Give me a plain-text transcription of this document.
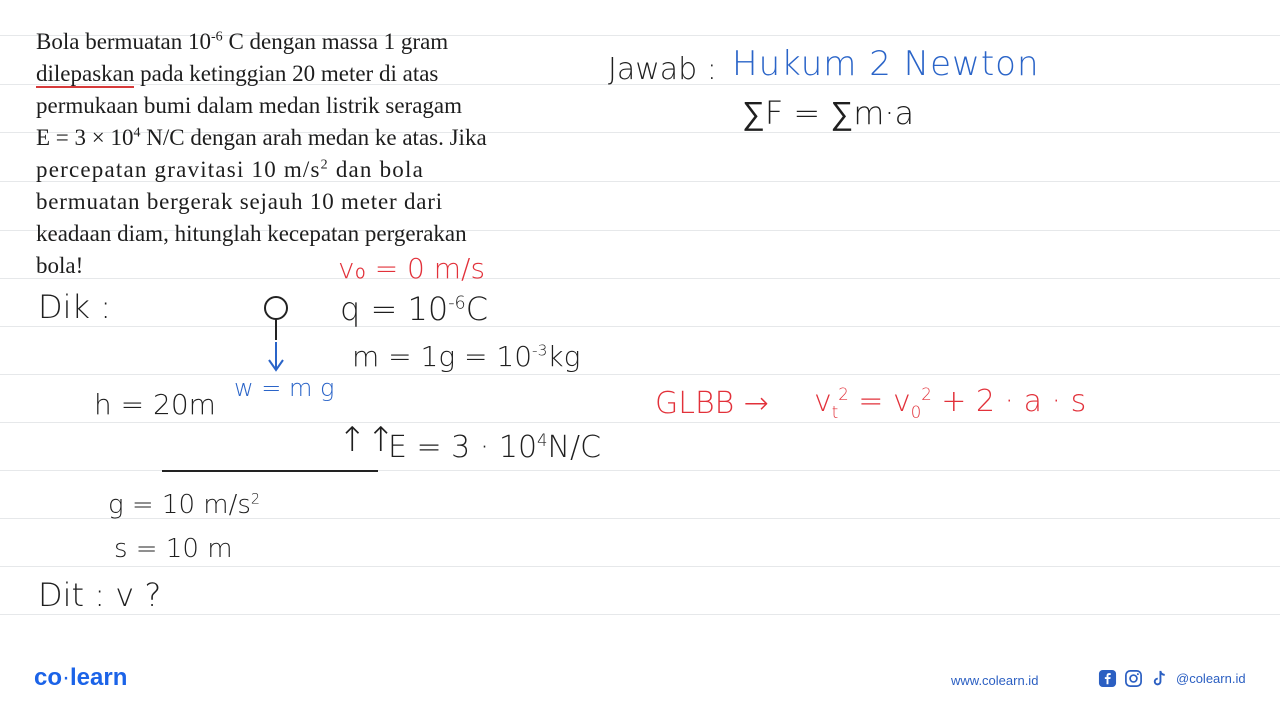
Bola bermuatan $10^{-6}$ C dengan massa 1 gram

dilepaskan pada ketinggian 20 meter di atas

permukaan bumi dalam medan listrik seragam

$E = 3 \times 10^4$ N/C dengan arah medan ke atas. Jika

percepatan gravitasi 10 $m/s^2$ dan bola

bermuatan bergerak sejauh 10 meter dari

keadaan diam, hitunglah kecepatan pergerakan

bola!

Jawab : Hukum 2 Newton
∑F = ∑m·a
GLBB → $v_t^2 = v_0^2 + 2 \cdot a \cdot s$
v₀ = 0 m/s
Dik :	$q = 10^{-6}C$
$m = 1g = 10^{-3}kg$
w = m g
h = 20m
↑↑
$E = 3 \cdot 10^4N/C$
g = 10 $m/s^2$
s = 10 m
Dit : v ?
co·learn	www.colearn.id	@colearn.id
